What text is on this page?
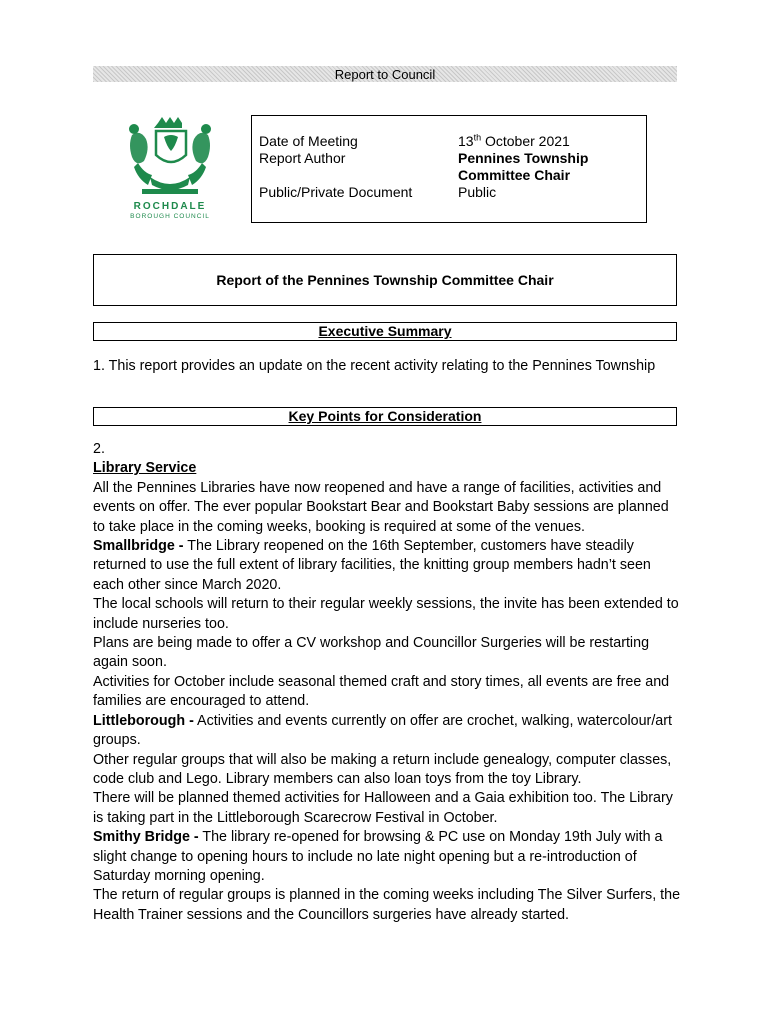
Report to Council
ROCHDALE
BOROUGH COUNCIL
Date of Meeting	13th October 2021
Report Author	Pennines Township Committee Chair
Public/Private Document	Public
Report of the Pennines Township Committee Chair
Executive Summary
1. This report provides an update on the recent activity relating to the Pennines Township
Key Points for Consideration

2.

Library Service

All the Pennines Libraries have now reopened and have a range of facilities, activities and events on offer. The ever popular Bookstart Bear and Bookstart Baby sessions are planned to take place in the coming weeks, booking is required at some of the venues.

Smallbridge - The Library reopened on the 16th September, customers have steadily returned to use the full extent of library facilities, the knitting group members hadn’t seen each other since March 2020.

The local schools will return to their regular weekly sessions, the invite has been extended to include nurseries too.

Plans are being made to offer a CV workshop and Councillor Surgeries will be restarting again soon.

Activities for October include seasonal themed craft and story times, all events are free and families are encouraged to attend.

Littleborough - Activities and events currently on offer are crochet, walking, watercolour/art groups.

Other regular groups that will also be making a return include genealogy, computer classes, code club and Lego. Library members can also loan toys from the toy Library.

There will be planned themed activities for Halloween and a Gaia exhibition too. The Library is taking part in the Littleborough Scarecrow Festival in October.

Smithy Bridge - The library re-opened for browsing & PC use on Monday 19th July with a slight change to opening hours to include no late night opening but a re-introduction of Saturday morning opening.

The return of regular groups is planned in the coming weeks including The Silver Surfers, the Health Trainer sessions and the Councillors surgeries have already started.
